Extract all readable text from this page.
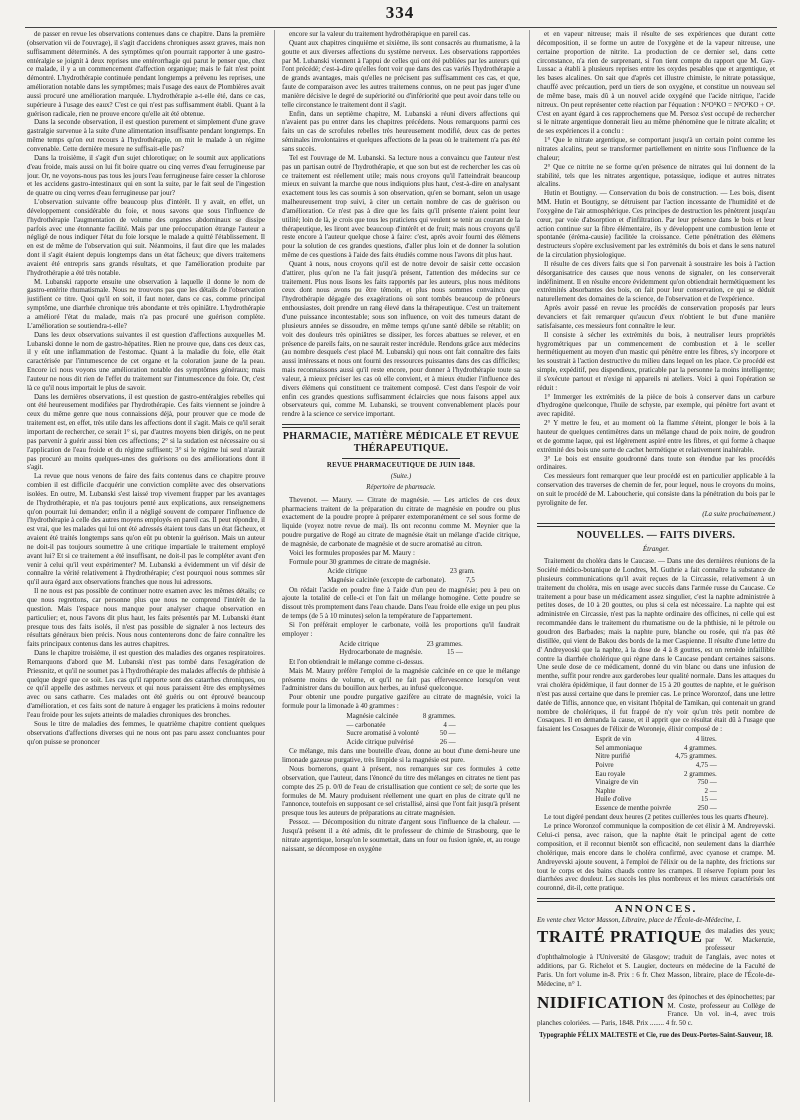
334

de passer en revue les observations contenues dans ce chapitre. Dans la première (observation vii de l'ouvrage), il s'agit d'accidens chroniques assez graves, mais non suffisamment déterminés. A des symptômes qu'on pourrait rapporter à une gastro-entéralgie se joignit à deux reprises une entérorrhagie qui parut le penser que, chez ce malade, il y a un commencement d'affection organique; mais le fait n'est point démontré. L'hydrothérapie continuée pendant longtemps a prévenu les reprises, une amélioration notable dans les symptômes; mais l'usage des eaux de Plombières avait aussi procuré une amélioration marquée. L'hydrothérapie a-t-elle été, dans ce cas, supérieure à l'usage des eaux? C'est ce qui n'est pas suffisamment établi. Quant à la guérison radicale, rien ne prouve encore qu'elle ait été obtenue.

Dans la seconde observation, il est question purement et simplement d'une grave gastralgie survenue à la suite d'une alimentation insuffisante pendant longtemps. En même temps qu'on eut recours à l'hydrothérapie, on mit le malade à un régime convenable. Cette dernière mesure ne suffisait-elle pas?

Dans la troisième, il s'agit d'un sujet chlorotique; on le soumit aux applications d'eau froide, mais aussi on lui fit boire quatre ou cinq verres d'eau ferrugineuse par jour. Or, ne voyons-nous pas tous les jours l'eau ferrugineuse faire cesser la chlorose et les accidens gastro-intestinaux qui en sont la suite, par le fait seul de l'ingestion de quatre ou cinq verres d'eau ferrugineuse par jour?

L'observation suivante offre beaucoup plus d'intérêt. Il y avait, en effet, un développement considérable du foie, et nous savons que sous l'influence de l'hydrothérapie l'augmentation de volume des organes abdominaux se dissipe parfois avec une étonnante facilité. Mais par une préoccupation étrange l'auteur a négligé de nous indiquer l'état du foie lorsque le malade a quitté l'établissement. Il en est de même de l'observation qui suit. Néanmoins, il faut dire que les malades dont il s'agit étaient depuis longtemps dans un état fâcheux; que divers traitemens avaient été entrepris sans grands résultats, et que l'amélioration produite par l'hydrothérapie a été très notable.

M. Lubanski rapporte ensuite une observation à laquelle il donne le nom de gastro-entérite rhumatismale. Nous ne trouvons pas que les détails de l'observation justifient ce titre. Quoi qu'il en soit, il faut noter, dans ce cas, comme principal symptôme, une diarrhée chronique très abondante et très opiniâtre. L'hydrothérapie a amélioré l'état du malade, mais n'a pas procuré une guérison complète. L'amélioration se soutiendra-t-elle?

Dans les deux observations suivantes il est question d'affections auxquelles M. Lubanski donne le nom de gastro-hépatites. Rien ne prouve que, dans ces deux cas, il y eût une inflammation de l'estomac. Quant à la maladie du foie, elle était caractérisée par l'intumescence de cet organe et la coloration jaune de la peau. Encore ici nous voyons une amélioration notable des symptômes généraux; mais l'auteur ne nous dit rien de l'effet du traitement sur l'intumescence du foie. Or, c'est là ce qu'il nous importait le plus de savoir.

Dans les dernières observations, il est question de gastro-entéralgies rebelles qui ont été heureusement modifiées par l'hydrothérapie. Ces faits viennent se joindre à ceux du même genre que nous connaissions déjà, pour prouver que ce mode de traitement est, en effet, très utile dans les affections dont il s'agit. Mais ce qu'il serait important de rechercher, ce serait 1° si, par d'autres moyens bien dirigés, on ne peut pas parvenir à guérir aussi bien ces affections; 2° si la sudation est nécessaire ou si l'application de l'eau froide et du régime suffisent; 3° si le régime lui seul n'aurait pas procuré au moins quelques-unes des guérisons ou des améliorations dont il s'agit.

La revue que nous venons de faire des faits contenus dans ce chapitre prouve combien il est difficile d'acquérir une conviction complète avec des observations isolées. En outre, M. Lubanski s'est laissé trop vivement frapper par les avantages de l'hydrothérapie, et n'a pas toujours penté aux explications, aux renseignemens qu'on pourrait lui demander; enfin il a négligé souvent de comparer l'influence de l'hydrothérapie à celle des autres moyens employés en pareil cas. Il peut répondre, il est vrai, que les malades qui lui ont été adressés étaient tous dans un état fâcheux, et avaient été traités longtemps sans qu'on eût pu obtenir la guérison. Mais un auteur ne doit-il pas toujours soumettre à une critique impartiale le traitement employé avant lui? Et si ce traitement a été insuffisant, ne doit-il pas le compléter avant d'en venir à celui qu'il veut expérimenter? M. Lubanski a évidemment un vif désir de connaître la vérité relativement à l'hydrothérapie; c'est pourquoi nous sommes sûr qu'il aura égard aux observations franches que nous lui adressons.

Il ne nous est pas possible de continuer notre examen avec les mêmes détails; ce que nous regrettons, car personne plus que nous ne comprend l'intérêt de la question. Mais l'espace nous manque pour analyser chaque observation en particulier; et, nous l'avons dit plus haut, les faits présentés par M. Lubanski étant presque tous des faits isolés, il n'est pas possible de signaler à nos lecteurs des résultats généraux bien précis. Nous nous contenterons donc de faire connaître les faits principaux contenus dans les autres chapitres.

Dans le chapitre troisième, il est question des maladies des organes respiratoires. Remarquons d'abord que M. Lubanski n'est pas tombé dans l'exagération de Priessnitz, et qu'il ne soumet pas à l'hydrothérapie des malades affectés de phthisie à quelque degré que ce soit. Les cas qu'il rapporte sont des catarrhes chroniques, ou ce qu'il appelle des asthmes nerveux et qui nous paraissent être des emphysèmes avec ou sans catharre. Ces malades ont été guéris ou ont éprouvé beaucoup d'amélioration, et ces faits sont de nature à engager les praticiens à moins redouter l'eau froide pour les sujets atteints de maladies chroniques des bronches.

Sous le titre de maladies des femmes, le quatrième chapitre contient quelques observations d'affections diverses qui ne nous ont pas paru assez concluantes pour qu'on puisse se prononcer

encore sur la valeur du traitement hydrothérapique en pareil cas.

Quant aux chapitres cinquième et sixième, ils sont consacrés au rhumatisme, à la goutte et aux diverses affections du système nerveux. Les observations rapportées par M. Lubanski viennent à l'appui de celles qui ont été publiées par les auteurs qui l'ont précédé; c'est-à-dire qu'elles font voir que dans des cas variés l'hydrothérapie a de grands avantages, mais qu'elles ne précisent pas suffisamment ces cas, et que, faute de comparaison avec les autres traitemens connus, on ne peut pas juger d'une manière décisive le degré de supériorité ou d'infériorité que peut avoir dans telle ou telle circonstance le traitement dont il s'agit.

Enfin, dans un septième chapitre, M. Lubanski a réuni divers affections qui n'avaient pas pu entrer dans les chapitres précédens. Nous remarquons parmi ces faits un cas de scrofules rebelles très heureusement modifié, deux cas de pertes séminales involontaires et quelques affections de la peau où le traitement n'a pas été sans succès.

Tel est l'ouvrage de M. Lubanski. Sa lecture nous a convaincu que l'auteur n'est pas un partisan outré de l'hydrothérapie, et que son but est de rechercher les cas où ce traitement est réellement utile; mais nous croyons qu'il l'atteindrait beaucoup mieux en suivant la marche que nous indiquions plus haut, c'est-à-dire en analysant exactement tous les cas soumis à son observation, qu'en se bornant, selon un usage malheureusement trop suivi, à citer un certain nombre de cas de guérison ou d'amélioration. Ce n'est pas à dire que les faits qu'il présente n'aient point leur utilité; loin de là, je crois que tous les praticiens qui veulent se tenir au courant de la thérapeutique, les liront avec beaucoup d'intérêt et de fruit; mais nous croyons qu'il reste encore à l'auteur quelque chose à faire: c'est, après avoir fourni des élémens pour la solution de ces grandes questions, d'aller plus loin et de donner la solution même de ces questions à l'aide des faits étudiés comme nous l'avons dit plus haut.

Quant à nous, nous croyons qu'il est de notre devoir de saisir cette occasion d'attirer, plus qu'on ne l'a fait jusqu'à présent, l'attention des médecins sur ce traitement. Plus nous lisons les faits rapportés par les auteurs, plus nous méditons ceux dont nous avons pu être témoin, et plus nous sommes convaincu que l'hydrothérapie dégagée des exagérations où sont tombés beaucoup de prôneurs enthousiastes, doit prendre un rang élevé dans la thérapeutique. C'est un traitement d'une puissance incontestable; sous son influence, on voit des tumeurs datant de plusieurs années se dissoudre, en même temps qu'une santé débile se rétablit; on voit des douleurs très opiniâtres se dissiper, les forces abattues se relever, et en présence de pareils faits, on ne saurait rester incrédule. Rendons grâce aux médecins (au nombre desquels c'est placé M. Lubanski) qui nous ont fait connaître des faits aussi intéressans et nous ont fourni des ressources puissantes dans des cas difficiles; mais reconnaissons aussi qu'il reste encore, pour donner à l'hydrothérapie toute sa valeur, à mieux préciser les cas où elle convient, et à mieux étudier l'influence des divers élémens qui constituent ce traitement composé. C'est dans l'espoir de voir enfin ces grandes questions suffisamment éclaircies que nous faisons appel aux observateurs qui, comme M. Lubanski, se trouvent convenablement placés pour rendre à la science ce service important.

PHARMACIE, MATIÈRE MÉDICALE ET REVUE THÉRAPEUTIQUE.
REVUE PHARMACEUTIQUE DE JUIN 1848.
(Suite.)
Répertoire de pharmacie.

Thevenot. — Maury. — Citrate de magnésie. — Les articles de ces deux pharmaciens traitent de la préparation du citrate de magnésie en poudre ou plus exactement de la poudre propre à préparer extemporanément ce sel sous forme de liquide (voyez notre revue de mai). Ils ont reconnu comme M. Meynier que la poudre purgative de Rogé au citrate de magnésie était un mélange d'acide citrique, de magnésie, de carbonate de magnésie et de sucre aromatisé au citron.

Voici les formules proposées par M. Maury :

Formule pour 30 grammes de citrate de magnésie.

Acide citrique	23 gram.
Magnésie calcinée (excepte de carbonate).	7,5

On rédait l'acide en poudre fine à l'aide d'un peu de magnésie; peu à peu on ajoute la totalité de celle-ci et l'on fait un mélange homogène. Cette poudre se dissout très promptement dans l'eau chaude. Dans l'eau froide elle exige un peu plus de temps (de 5 à 10 minutes) selon la température de l'appartement.

Si l'on préférait employer le carbonate, voilà les proportions qu'il faudrait employer :

Acide citrique	23 grammes.
Hydrocarbonate de magnésie.	15 —

Et l'on obtiendrait le mélange comme ci-dessus.

Mais M. Maury préfère l'emploi de la magnésie calcinée en ce que le mélange présente moins de volume, et qu'il ne fait pas effervescence lorsqu'on veut l'administrer dans du bouillon aux herbes, au infusé quelconque.

Pour obtenir une poudre purgative gazifère au citrate de magnésie, voici la formule pour la limonade à 40 grammes :

Magnésie calcinée	8 grammes.
— carbonatée	4 —
Sucre aromatisé à volonté	50 —
Acide citrique pulvérisé	26 —

Ce mélange, mis dans une bouteille d'eau, donne au bout d'une demi-heure une limonade gazeuse purgative, très limpide si la magnésie est pure.

Nous bornerons, quant à présent, nos remarques sur ces formules à cette observation, que l'auteur, dans l'énoncé du titre des mélanges en citrates ne tient pas compte des 25 p. 0/0 de l'eau de cristallisation que contient ce sel; de sorte que les formules de M. Maury produisent réellement une quart en plus de citrate qu'il ne l'annonce, toutefois en supposant ce sel cristallisé, ainsi que l'ont fait jusqu'à présent presque tous les auteurs de préparations au citrate magnésien.

Pessoz. — Décomposition du nitrate d'argent sous l'influence de la chaleur. — Jusqu'à présent il a été admis, dit le professeur de chimie de Strasbourg, que le nitrate argentique, lorsqu'on le soumettait, dans un four ou fusion ignée, et, au rouge naissant, se décompose en oxygène

et en vapeur nitreuse; mais il résulte de ses expériences que durant cette décomposition, il se forme un autre de l'oxygène et de la vapeur nitreuse, une certaine proportion de nitrite. La production de ce dernier sel, dans cette circonstance, n'a rien de surprenant, si l'on tient compte du rapport que M. Gay-Lussac a établi à plusieurs reprises entre les oxydes pesables que et argentique, et les bases alcalines. On sait que d'après cet illustre chimiste, le nitrate potassique, chauffé avec précaution, perd un tiers de son oxygène, et constitue un nouveau sel de même base, mais dû à un nouvel acide oxygéné que l'acide nitrique, l'acide nitreux. On peut représenter cette réaction par l'équation : N²O⁵KO = N²O³KO + O². C'est en ayant égard à ces rapprochemens que M. Persoz s'est occupé de rechercher si le nitrate argentique donnerait lieu au même phénomène que le nitrate alcalin; et de ses expériences il a conclu :

1° Que le nitrate argentique, se comportant jusqu'à un certain point comme les nitrates alcalins, peut se transformer partiellement en nitrite sous l'influence de la chaleur;

2° Que ce nitrite ne se forme qu'en présence de nitrates qui lui donnent de la stabilité, tels que les nitrates argentique, potassique, iodique et autres nitrates alcalins.

Hutin et Boutigny. — Conservation du bois de construction. — Les bois, disent MM. Hutin et Boutigny, se détruisent par l'action incessante de l'humidité et de l'oxygène de l'air atmosphérique. Ces principes de destruction les pénètrent jusqu'au cœur, par voie d'absorption et d'infiltration. Par leur présence dans le bois et leur action continue sur la fibre élémentaire, ils y développent une combustion lente et spontanée (éréma-causie) facilitée la croissance. Cette pénétration des élémens destructeurs s'opère exclusivement par les extrémités du bois et dans le sens naturel de la circulation physiologique.

Il résulte de ces divers faits que si l'on parvenait à soustraire les bois à l'action désorganisatrice des causes que nous venons de signaler, on les conserverait indéfiniment. Il en résulte encore évidemment qu'on obtiendrait hermétiquement les extrémités absorbantes des bois, on fait pour leur conservation, ce qui se déduit naturellement des domaines de la science, de l'observation et de l'expérience.

Après avoir passé en revue les procédés de conservation proposés par leurs devanciers et fait remarquer qu'aucun d'eux n'obtient le but d'une manière satisfaisante, ces messieurs font connaître le leur.

Il consiste à sécher les extrémités du bois, à neutraliser leurs propriétés hygrométriques par un commencement de combustion et à le sceller hermétiquement au moyen d'un mastic qui pénètre entre les fibres, s'y incorpore et les soustrait à l'action destructive du milieu dans lequel on les place. Ce procédé est simple, expéditif, peu dispendieux, praticable par la personne la moins intelligente; il s'exécute partout et n'exige ni appareils ni ateliers. Voici à quoi l'opération se réduit :

1° Immerger les extrémités de la pièce de bois à conserver dans un carbure d'hydrogène quelconque, l'huile de schyste, par exemple, qui pénètre fort avant et avec rapidité.

2° Y mettre le feu, et au moment où la flamme s'éteint, plonger le bois à la hauteur de quelques centimètres dans un mélange chaud de poix noire, de goudron et de gomme laque, qui est légèrement aspiré entre les fibres, et qui forme à chaque extrémité des bois une sorte de cachet hermétique et relativement inaltérable.

3° Le bois est ensuite goudronné dans toute son étendue par les procédés ordinaires.

Ces messieurs font remarquer que leur procédé est en particulier applicable à la conservation des traverses de chemin de fer, pour lequel, nous le croyons du moins, on suit le procédé de M. Laboucherie, qui consiste dans la pénétration du bois par le pyrolignite de fer.

(La suite prochainement.)
NOUVELLES. — FAITS DIVERS.
Étranger.

Traitement du choléra dans le Caucase. — Dans une des dernières réunions de la Société médico-botanique de Londres, M. Guthrie a fait connaître la substance de plusieurs communications qu'il avait reçues de la Circassie, relativement à un traitement du choléra, mis en usage avec succès dans l'armée russe du Caucase. Ce traitement a pour base un médicament assez singulier, c'est la naphte administrée à petites doses, de 10 à 20 gouttes, ou plus si cela est nécessaire. La naphte qui est administrée en Circassie, n'est pas la naphte ordinaire des officines, ni celle qui est recommandée dans le traitement du rhumatisme ou de la phthisie, ni le pétrole ou goudron des Barbades; mais la naphte pure, blanche ou rosée, qui n'a pas été distillée, qui vient de Bakou des bords de la mer Caspienne. Il résulte d'une lettre du d' Andreyeoski que la naphte, à la dose de 4 à 8 gouttes, est un remède infaillible contre la diarrhée cholérique qui règne dans le Caucase pendant certaines saisons. Une seule dose de ce médicament, donné du vin blanc ou dans une infusion de menthe, suffit pour rendre aux garderobes leur qualité normale. Dans les attaques du vrai choléra épidémique, il faut donner de 15 à 20 gouttes de naphte, et le guérison n'est pas aussi certaine que dans le premier cas. Le prince Woronzof, dans une lettre datée de Tiflis, annonce que, en visitant l'hôpital de Tamikan, qui contenait un grand nombre de cholériques, il fut frappé de n'y voir qu'un très petit nombre de Cosaques. Il en demanda la cause, et il apprit que ce résultat était dû à l'usage que faisaient les Cosaques de l'élixir de Woroneje, élixir composé de :

Esprit de vin	4 litres.
Sel ammoniaque	4 grammes.
Nitre purifié	4,75 grammes.
Poivre	4,75 —
Eau royale	2 grammes.
Vinaigre de vin	750 —
Naphte	2 —
Huile d'olive	15 —
Essence de menthe poivrée	250 —

Le tout digéré pendant deux heures (2 petites cuillerées tous les quarts d'heure).

Le prince Woronzof communique la composition de cet élixir à M. Andreyevski. Celui-ci pensa, avec raison, que la naphte était le principal agent de cette composition, et il reconnut bientôt son efficacité, non seulement dans la diarrhée cholérique, mais encore dans le choléra confirmé, avec cyanose et crampe. M. Andreyevski ajoute souvent, à l'emploi de l'élixir ou de la naphte, des frictions sur tout le corps et des bains chauds contre les crampes. Il réserve l'opium pour les diarrhées avec douleur. Les succès les plus nombreux et les mieux caractérisés ont couronné, dit-il, cette pratique.

ANNONCES.

En vente chez Victor Masson, Libraire, place de l'École-de-Médecine, 1.

TRAITÉ PRATIQUE des maladies des yeux; par W. Mackenzie, professeur d'ophthalmologie à l'Université de Glasgow; traduit de l'anglais, avec notes et additions, par G. Richelot et S. Laugier, docteurs en médecine de la Faculté de Paris. Un fort volume in-8. Prix : 6 fr. Chez Masson, libraire, place de l'École-de-Médecine, n° 1.
NIDIFICATION des épinoches et des épinochettes; par M. Coste, professeur au Collège de France. Un vol. in-4, avec trois planches coloriées. — Paris, 1848. Prix ........ 4 fr. 50 c.
Typographie FÉLIX MALTESTE et Cie, rue des Deux-Portes-Saint-Sauveur, 18.
